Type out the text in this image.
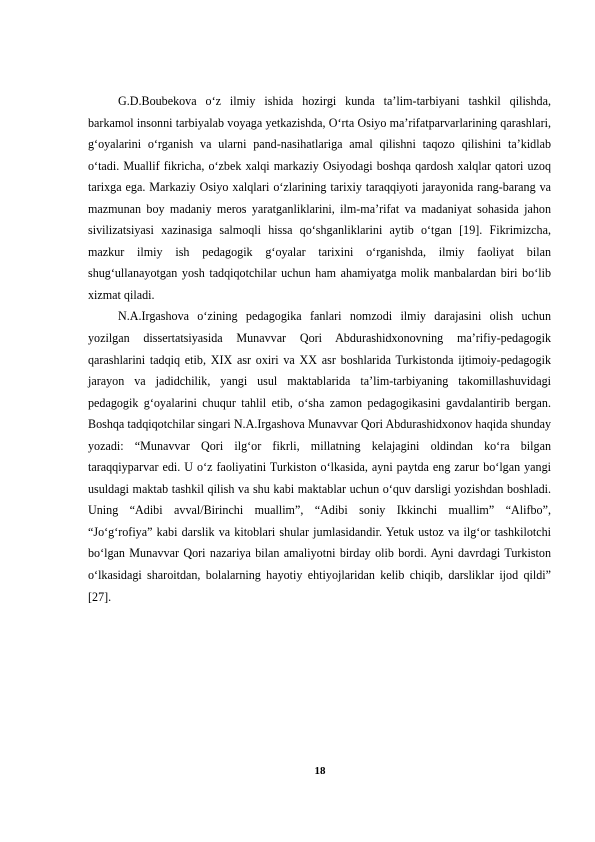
G.D.Boubekova o‘z ilmiy ishida hozirgi kunda ta’lim-tarbiyani tashkil qilishda, barkamol insonni tarbiyalab voyaga yetkazishda, O‘rta Osiyo ma’rifatparvarlarining qarashlari, g‘oyalarini o‘rganish va ularni pand-nasihatlariga amal qilishni taqozo qilishini ta’kidlab o‘tadi. Muallif fikricha, o‘zbek xalqi markaziy Osiyodagi boshqa qardosh xalqlar qatori uzoq tarixga ega. Markaziy Osiyo xalqlari o‘zlarining tarixiy taraqqiyoti jarayonida rang-barang va mazmunan boy madaniy meros yaratganliklarini, ilm-ma’rifat va madaniyat sohasida jahon sivilizatsiyasi xazinasiga salmoqli hissa qo‘shganliklarini aytib o‘tgan [19]. Fikrimizcha, mazkur ilmiy ish pedagogik g‘oyalar tarixini o‘rganishda, ilmiy faoliyat bilan shug‘ullanayotgan yosh tadqiqotchilar uchun ham ahamiyatga molik manbalardan biri bo‘lib xizmat qiladi.

N.A.Irgashova o‘zining pedagogika fanlari nomzodi ilmiy darajasini olish uchun yozilgan dissertatsiyasida Munavvar Qori Abdurashidxonovning ma’rifiy-pedagogik qarashlarini tadqiq etib, XIX asr oxiri va XX asr boshlarida Turkistonda ijtimoiy-pedagogik jarayon va jadidchilik, yangi usul maktablarida ta’lim-tarbiyaning takomillashuvidagi pedagogik g‘oyalarini chuqur tahlil etib, o‘sha zamon pedagogikasini gavdalantirib bergan. Boshqa tadqiqotchilar singari N.A.Irgashova Munavvar Qori Abdurashidxonov haqida shunday yozadi: “Munavvar Qori ilg‘or fikrli, millatning kelajagini oldindan ko‘ra bilgan taraqqiyparvar edi. U o‘z faoliyatini Turkiston o‘lkasida, ayni paytda eng zarur bo‘lgan yangi usuldagi maktab tashkil qilish va shu kabi maktablar uchun o‘quv darsligi yozishdan boshladi. Uning “Adibi avval/Birinchi muallim”, “Adibi soniy Ikkinchi muallim” “Alifbo”, “Jo‘g‘rofiya” kabi darslik va kitoblari shular jumlasidandir. Yetuk ustoz va ilg‘or tashkilotchi bo‘lgan Munavvar Qori nazariya bilan amaliyotni birday olib bordi. Ayni davrdagi Turkiston o‘lkasidagi sharoitdan, bolalarning hayotiy ehtiyojlaridan kelib chiqib, darsliklar ijod qildi” [27].

18
